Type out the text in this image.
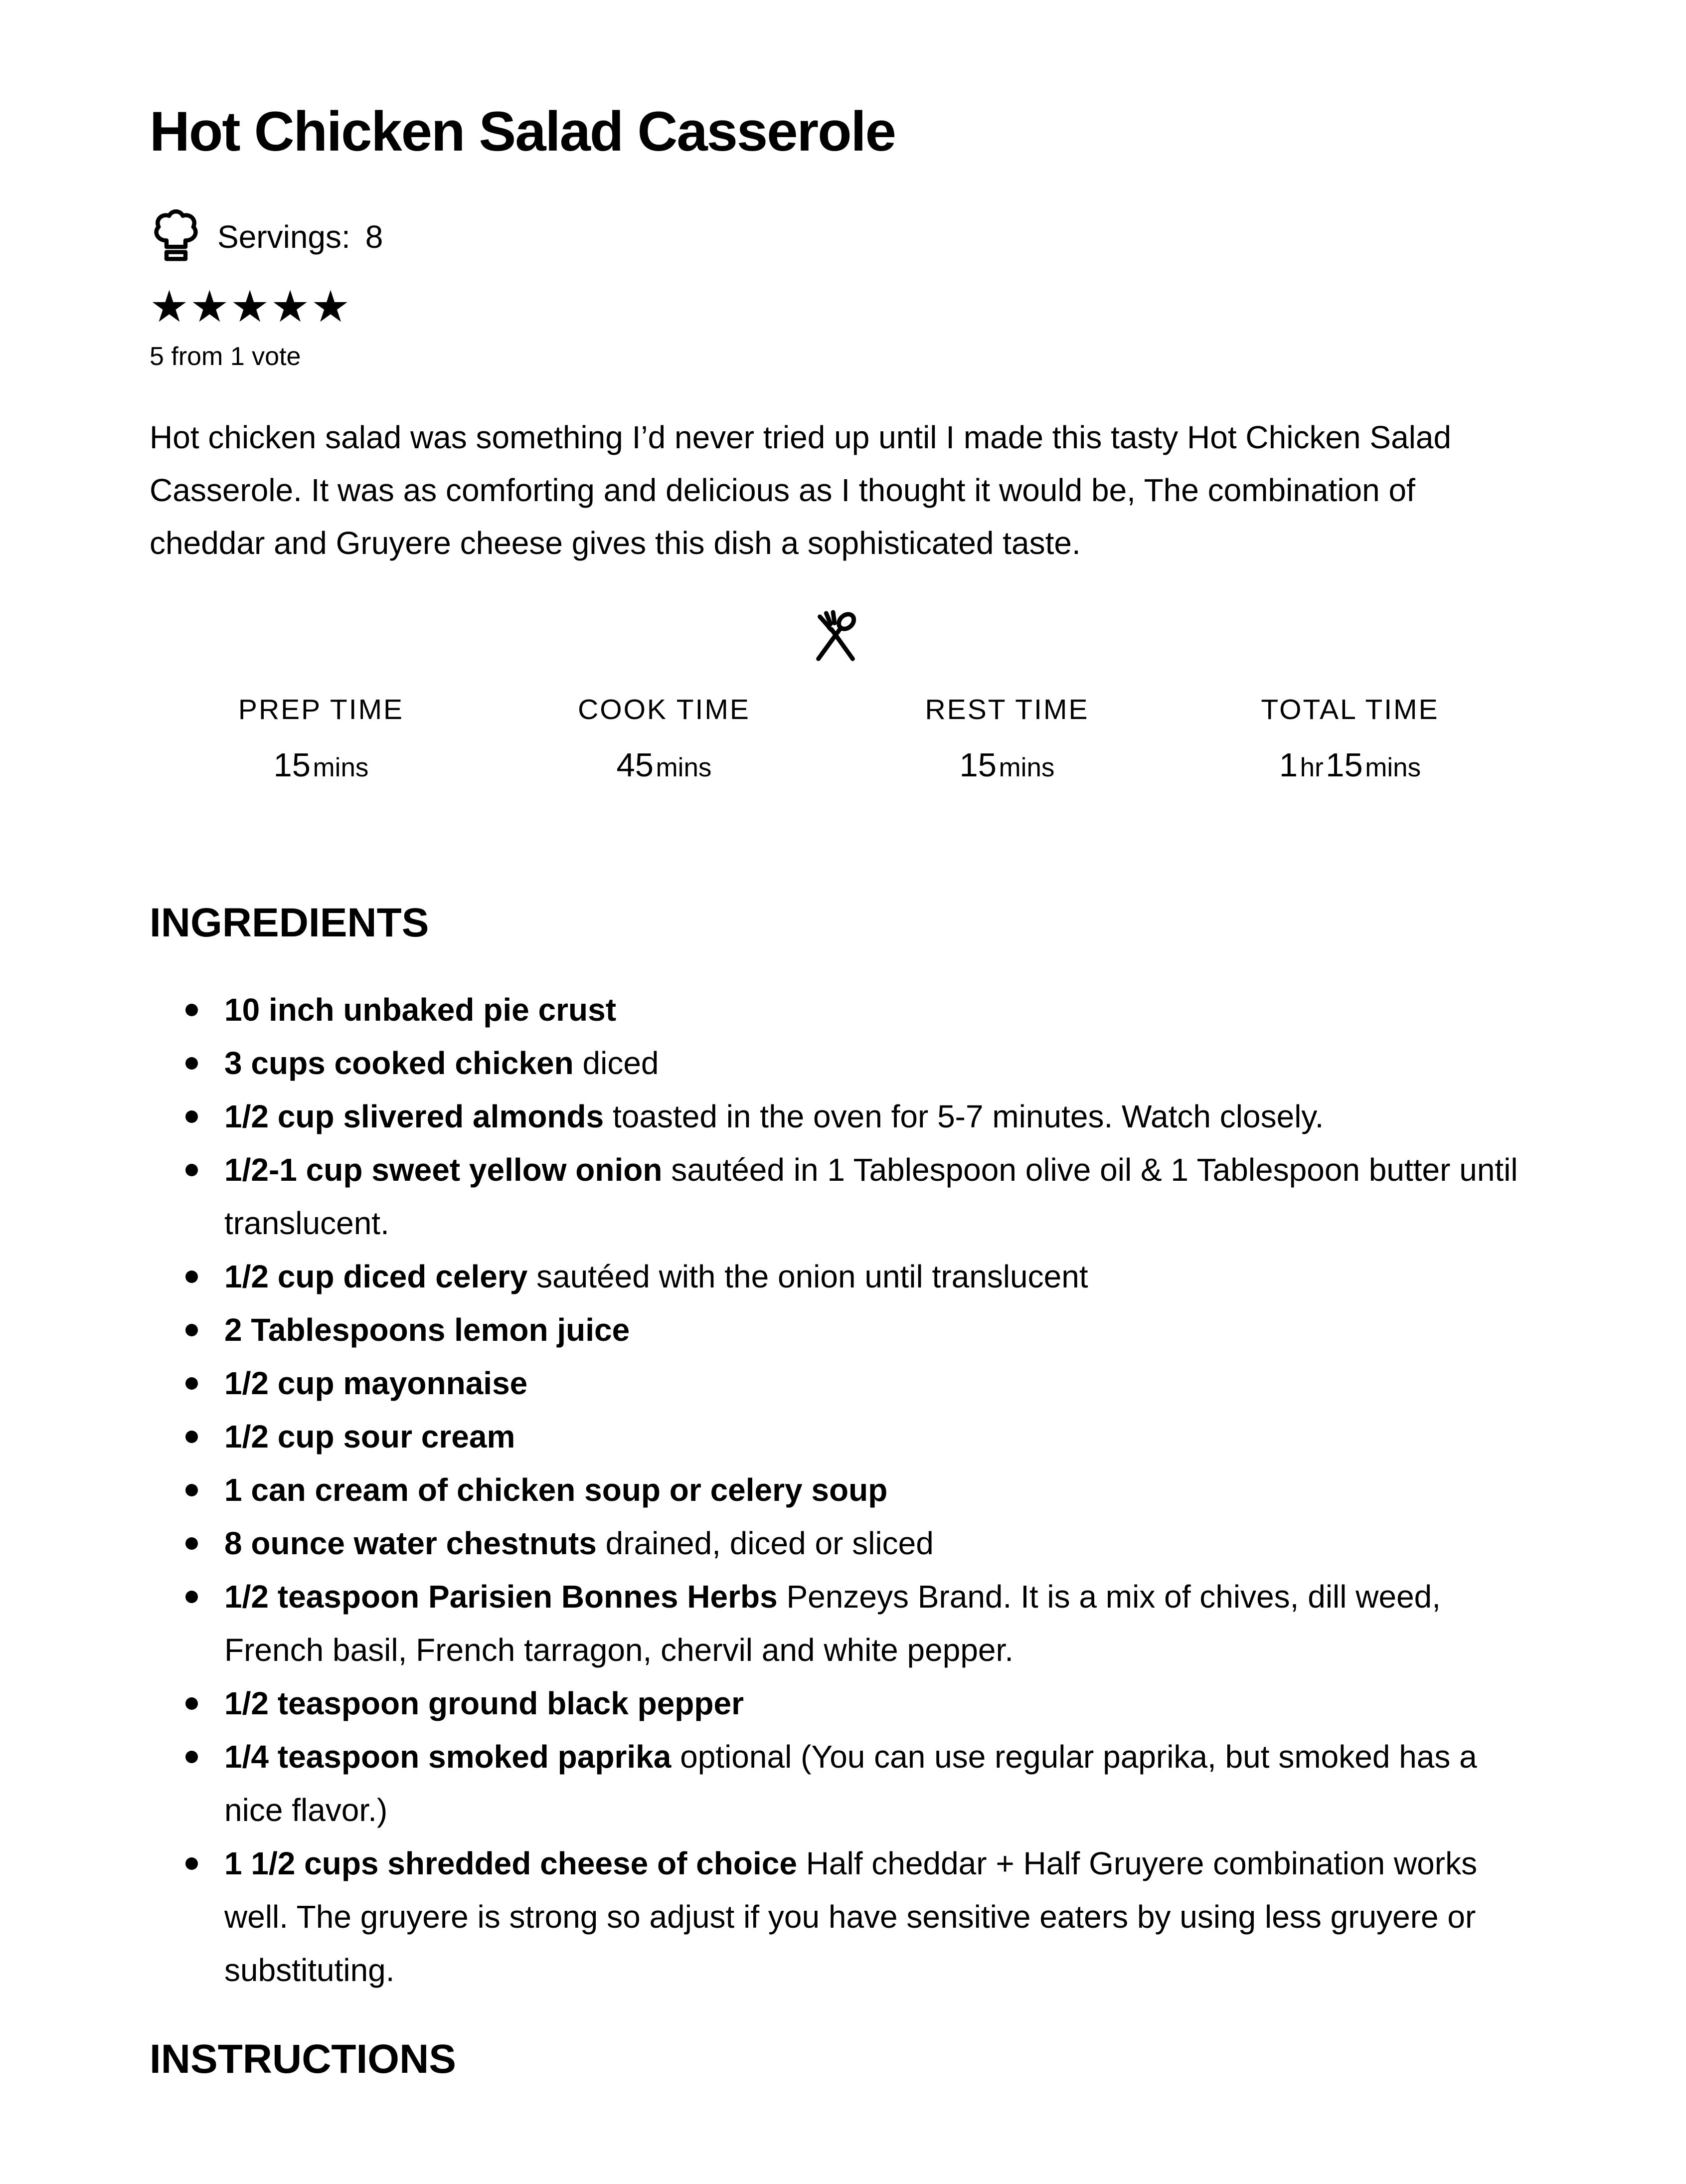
Hot Chicken Salad Casserole
Servings: 8
★★★★★
5 from 1 vote

Hot chicken salad was something I’d never tried up until I made this tasty Hot Chicken Salad Casserole. It was as comforting and delicious as I thought it would be, The combination of cheddar and Gruyere cheese gives this dish a sophisticated taste.

PREP TIME
15 mins
COOK TIME
45 mins
REST TIME
15 mins
TOTAL TIME
1 hr 15 mins
INGREDIENTS
10 inch unbaked pie crust
3 cups cooked chicken diced
1/2 cup slivered almonds toasted in the oven for 5-7 minutes. Watch closely.
1/2-1 cup sweet yellow onion sautéed in 1 Tablespoon olive oil & 1 Tablespoon butter until translucent.
1/2 cup diced celery sautéed with the onion until translucent
2 Tablespoons lemon juice
1/2 cup mayonnaise
1/2 cup sour cream
1 can cream of chicken soup or celery soup
8 ounce water chestnuts drained, diced or sliced
1/2 teaspoon Parisien Bonnes Herbs Penzeys Brand. It is a mix of chives, dill weed, French basil, French tarragon, chervil and white pepper.
1/2 teaspoon ground black pepper
1/4 teaspoon smoked paprika optional (You can use regular paprika, but smoked has a nice flavor.)
1 1/2 cups shredded cheese of choice Half cheddar + Half Gruyere combination works well. The gruyere is strong so adjust if you have sensitive eaters by using less gruyere or substituting.
INSTRUCTIONS
